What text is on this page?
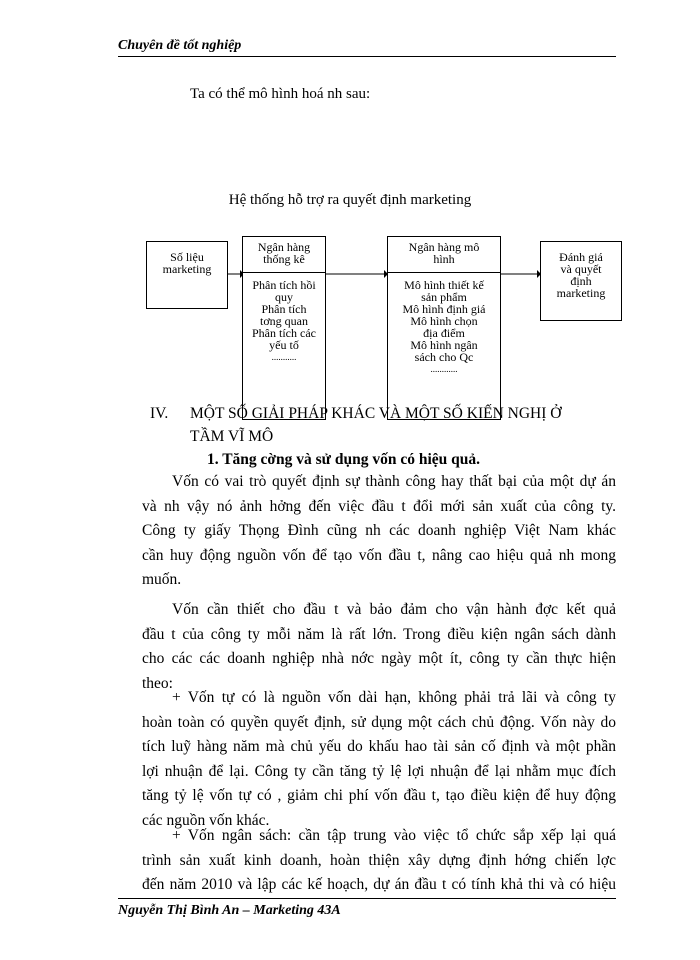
Chuyên đề tốt nghiệp
Ta có thể mô hình hoá nh sau:
Hệ thống hỗ trợ ra quyết định marketing
Số liệu
marketing
Ngân hàng
thống kê
Phân tích hồi
quy
Phân tích
tơng quan
Phân tích các
yếu tố
...........
Ngân hàng mô
hình
Mô hình thiết kế
sản phẩm
Mô hình định giá
Mô hình chọn
địa điểm
Mô hình ngân
sách cho Qc
............
Đánh giá
và quyết
định
marketing
IV. MỘT SỐ GIẢI PHÁP KHÁC VÀ MỘT SỐ KIẾN NGHỊ Ở
TẦM VĨ MÔ
1. Tăng cờng và sử dụng vốn có hiệu quả.
Vốn có vai trò quyết định sự thành công hay thất bại của một dự án
và nh vậy nó ảnh hởng đến việc đầu t đổi mới sản xuất của công ty.
Công ty giấy Thọng Đình cũng nh các doanh nghiệp Việt Nam khác
cần huy động nguồn vốn để tạo vốn đầu t, nâng cao hiệu quả nh mong
muốn.
Vốn cần thiết cho đầu t và bảo đảm cho vận hành đợc kết quả
đầu t của công ty mỗi năm là rất lớn. Trong điều kiện ngân sách dành
cho các các doanh nghiệp nhà nớc ngày một ít, công ty cần thực hiện
theo:
+ Vốn tự có là nguồn vốn dài hạn, không phải trả lãi và công ty
hoàn toàn có quyền quyết định, sử dụng một cách chủ động. Vốn này do
tích luỹ hàng năm mà chủ yếu do khấu hao tài sản cố định và một phần
lợi nhuận để lại. Công ty cần tăng tỷ lệ lợi nhuận để lại nhằm mục đích
tăng tỷ lệ vốn tự có , giảm chi phí vốn đầu t, tạo điều kiện để huy động
các nguồn vốn khác.
+ Vốn ngân sách: cần tập trung vào việc tổ chức sắp xếp lại quá
trình sản xuất kinh doanh, hoàn thiện xây dựng định hớng chiến lợc
đến năm 2010 và lập các kế hoạch, dự án đầu t có tính khả thi và có hiệu
Nguyễn Thị Bình An – Marketing 43A
